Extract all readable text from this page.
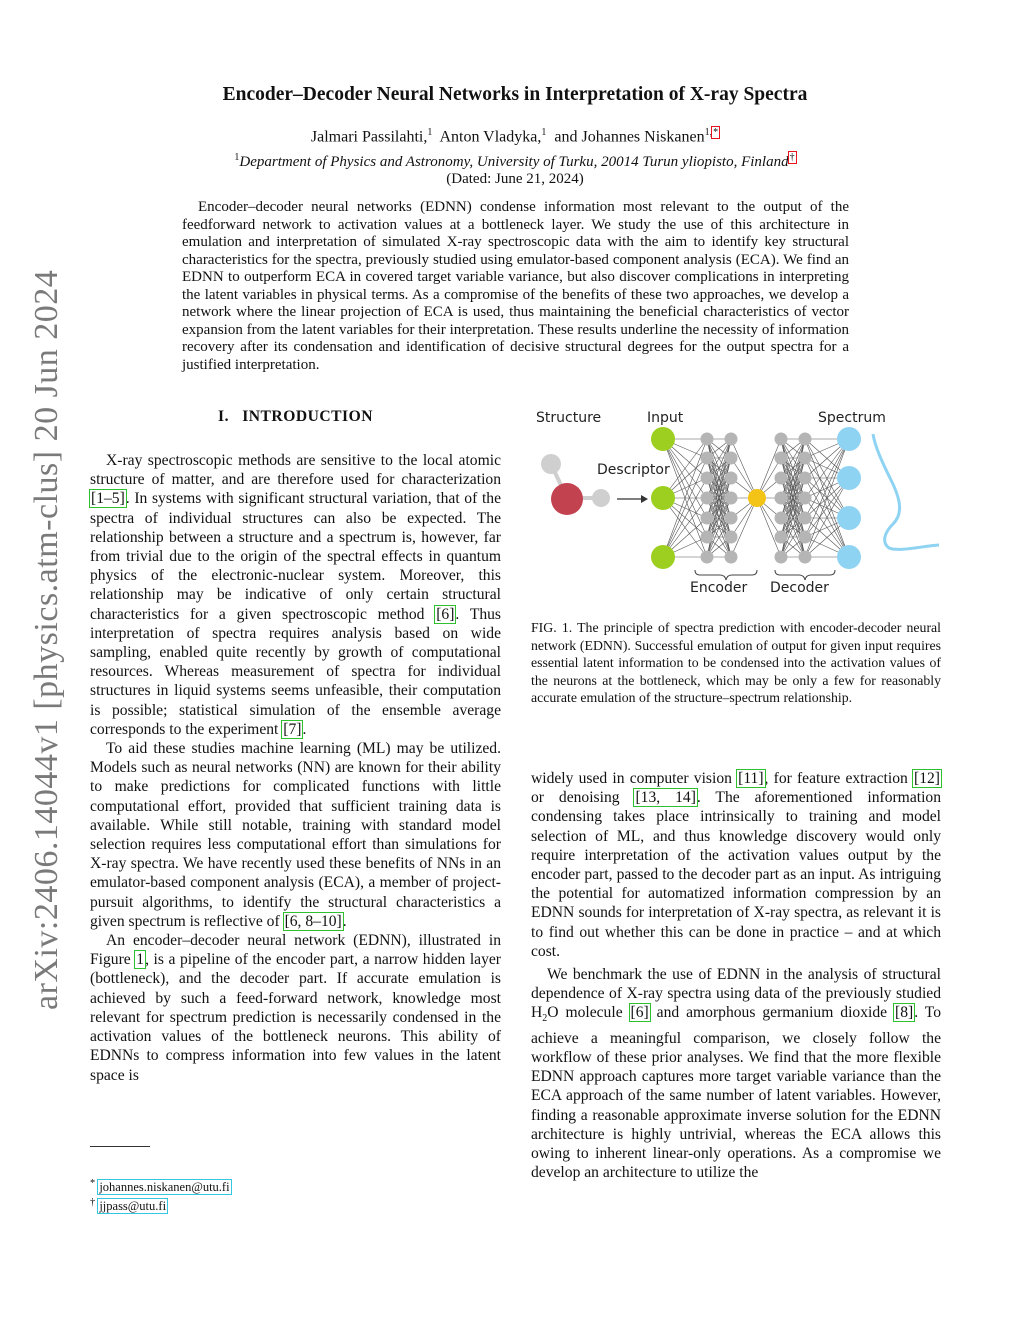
arXiv:2406.14044v1 [physics.atm-clus] 20 Jun 2024
Encoder–Decoder Neural Networks in Interpretation of X-ray Spectra
Jalmari Passilahti,$^1$ Anton Vladyka,$^1$ and Johannes Niskanen$^{1,*}$
$^1$Department of Physics and Astronomy, University of Turku, 20014 Turun yliopisto, Finland†
(Dated: June 21, 2024)
Encoder–decoder neural networks (EDNN) condense information most relevant to the output of the feedforward network to activation values at a bottleneck layer. We study the use of this architecture in emulation and interpretation of simulated X-ray spectroscopic data with the aim to identify key structural characteristics for the spectra, previously studied using emulator-based component analysis (ECA). We find an EDNN to outperform ECA in covered target variable variance, but also discover complications in interpreting the latent variables in physical terms. As a compromise of the benefits of these two approaches, we develop a network where the linear projection of ECA is used, thus maintaining the beneficial characteristics of vector expansion from the latent variables for their interpretation. These results underline the necessity of information recovery after its condensation and identification of decisive structural degrees for the output spectra for a justified interpretation.
I. INTRODUCTION

X-ray spectroscopic methods are sensitive to the local atomic structure of matter, and are therefore used for characterization [1–5]. In systems with significant structural variation, that of the spectra of individual structures can also be expected. The relationship between a structure and a spectrum is, however, far from trivial due to the origin of the spectral effects in quantum physics of the electronic-nuclear system. Moreover, this relationship may be indicative of only certain structural characteristics for a given spectroscopic method [6]. Thus interpretation of spectra requires analysis based on wide sampling, enabled quite recently by growth of computational resources. Whereas measurement of spectra for individual structures in liquid systems seems unfeasible, their computation is possible; statistical simulation of the ensemble average corresponds to the experiment [7].

To aid these studies machine learning (ML) may be utilized. Models such as neural networks (NN) are known for their ability to make predictions for complicated functions with little computational effort, provided that sufficient training data is available. While still notable, training with standard model selection requires less computational effort than simulations for X-ray spectra. We have recently used these benefits of NNs in an emulator-based component analysis (ECA), a member of project-pursuit algorithms, to identify the structural characteristics a given spectrum is reflective of [6, 8–10].

An encoder–decoder neural network (EDNN), illustrated in Figure 1, is a pipeline of the encoder part, a narrow hidden layer (bottleneck), and the decoder part. If accurate emulation is achieved by such a feed-forward network, knowledge most relevant for spectrum prediction is necessarily condensed in the activation values of the bottleneck neurons. This ability of EDNNs to compress information into few values in the latent space is

Structure	Input	Spectrum
Descriptor
Encoder Decoder
FIG. 1. The principle of spectra prediction with encoder-decoder neural network (EDNN). Successful emulation of output for given input requires essential latent information to be condensed into the activation values of the neurons at the bottleneck, which may be only a few for reasonably accurate emulation of the structure–spectrum relationship.

widely used in computer vision [11], for feature extraction [12] or denoising [13, 14]. The aforementioned information condensing takes place intrinsically to training and model selection of ML, and thus knowledge discovery would only require interpretation of the activation values output by the encoder part, passed to the decoder part as an input. As intriguing the potential for automatized information compression by an EDNN sounds for interpretation of X-ray spectra, as relevant it is to find out whether this can be done in practice – and at which cost.

We benchmark the use of EDNN in the analysis of structural dependence of X-ray spectra using data of the previously studied $H_2O$ molecule [6] and amorphous germanium dioxide [8]. To achieve a meaningful comparison, we closely follow the workflow of these prior analyses. We find that the more flexible EDNN approach captures more target variable variance than the ECA approach of the same number of latent variables. However, finding a reasonable approximate inverse solution for the EDNN architecture is highly untrivial, whereas the ECA allows this owing to inherent linear-only operations. As a compromise we develop an architecture to utilize the

* johannes.niskanen@utu.fi
† jjpass@utu.fi
